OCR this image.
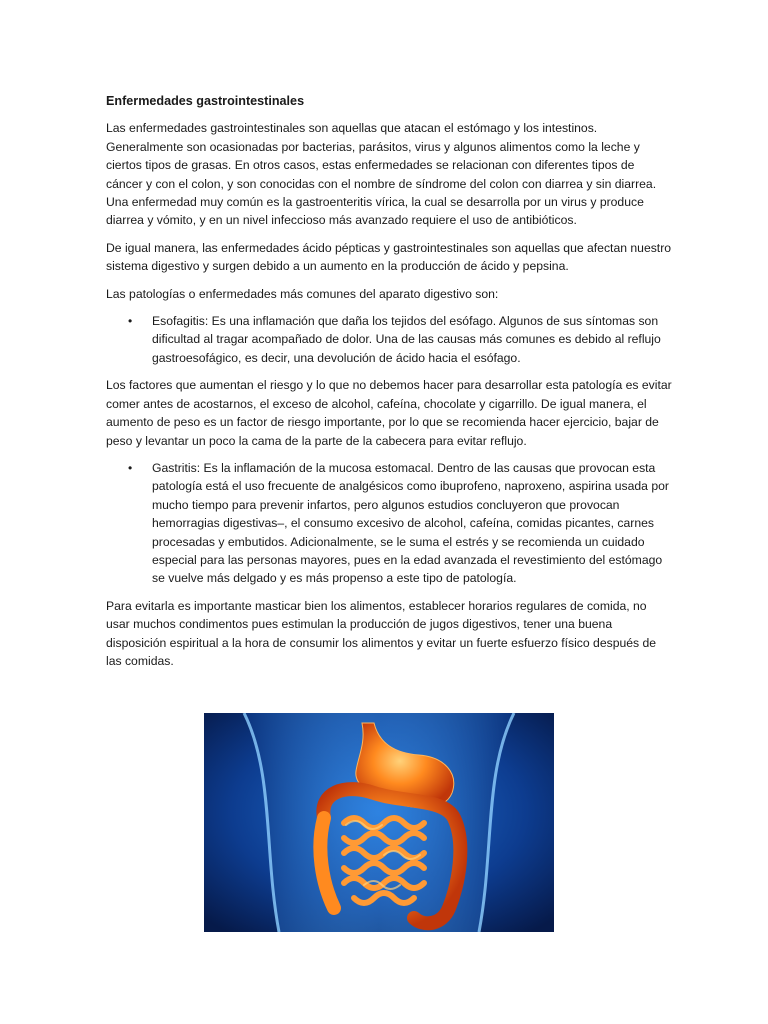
Enfermedades gastrointestinales

Las enfermedades gastrointestinales son aquellas que atacan el estómago y los intestinos. Generalmente son ocasionadas por bacterias, parásitos, virus y algunos alimentos como la leche y ciertos tipos de grasas. En otros casos, estas enfermedades se relacionan con diferentes tipos de cáncer y con el colon, y son conocidas con el nombre de síndrome del colon con diarrea y sin diarrea. Una enfermedad muy común es la gastroenteritis vírica, la cual se desarrolla por un virus y produce diarrea y vómito, y en un nivel infeccioso más avanzado requiere el uso de antibióticos.

De igual manera, las enfermedades ácido pépticas y gastrointestinales son aquellas que afectan nuestro sistema digestivo y surgen debido a un aumento en la producción de ácido y pepsina.

Las patologías o enfermedades más comunes del aparato digestivo son:

• Esofagitis: Es una inflamación que daña los tejidos del esófago. Algunos de sus síntomas son dificultad al tragar acompañado de dolor. Una de las causas más comunes es debido al reflujo gastroesofágico, es decir, una devolución de ácido hacia el esófago.

Los factores que aumentan el riesgo y lo que no debemos hacer para desarrollar esta patología es evitar comer antes de acostarnos, el exceso de alcohol, cafeína, chocolate y cigarrillo. De igual manera, el aumento de peso es un factor de riesgo importante, por lo que se recomienda hacer ejercicio, bajar de peso y levantar un poco la cama de la parte de la cabecera para evitar reflujo.

• Gastritis: Es la inflamación de la mucosa estomacal. Dentro de las causas que provocan esta patología está el uso frecuente de analgésicos como ibuprofeno, naproxeno, aspirina usada por mucho tiempo para prevenir infartos, pero algunos estudios concluyeron que provocan hemorragias digestivas–, el consumo excesivo de alcohol, cafeína, comidas picantes, carnes procesadas y embutidos. Adicionalmente, se le suma el estrés y se recomienda un cuidado especial para las personas mayores, pues en la edad avanzada el revestimiento del estómago se vuelve más delgado y es más propenso a este tipo de patología.

Para evitarla es importante masticar bien los alimentos, establecer horarios regulares de comida, no usar muchos condimentos pues estimulan la producción de jugos digestivos, tener una buena disposición espiritual a la hora de consumir los alimentos y evitar un fuerte esfuerzo físico después de las comidas.
